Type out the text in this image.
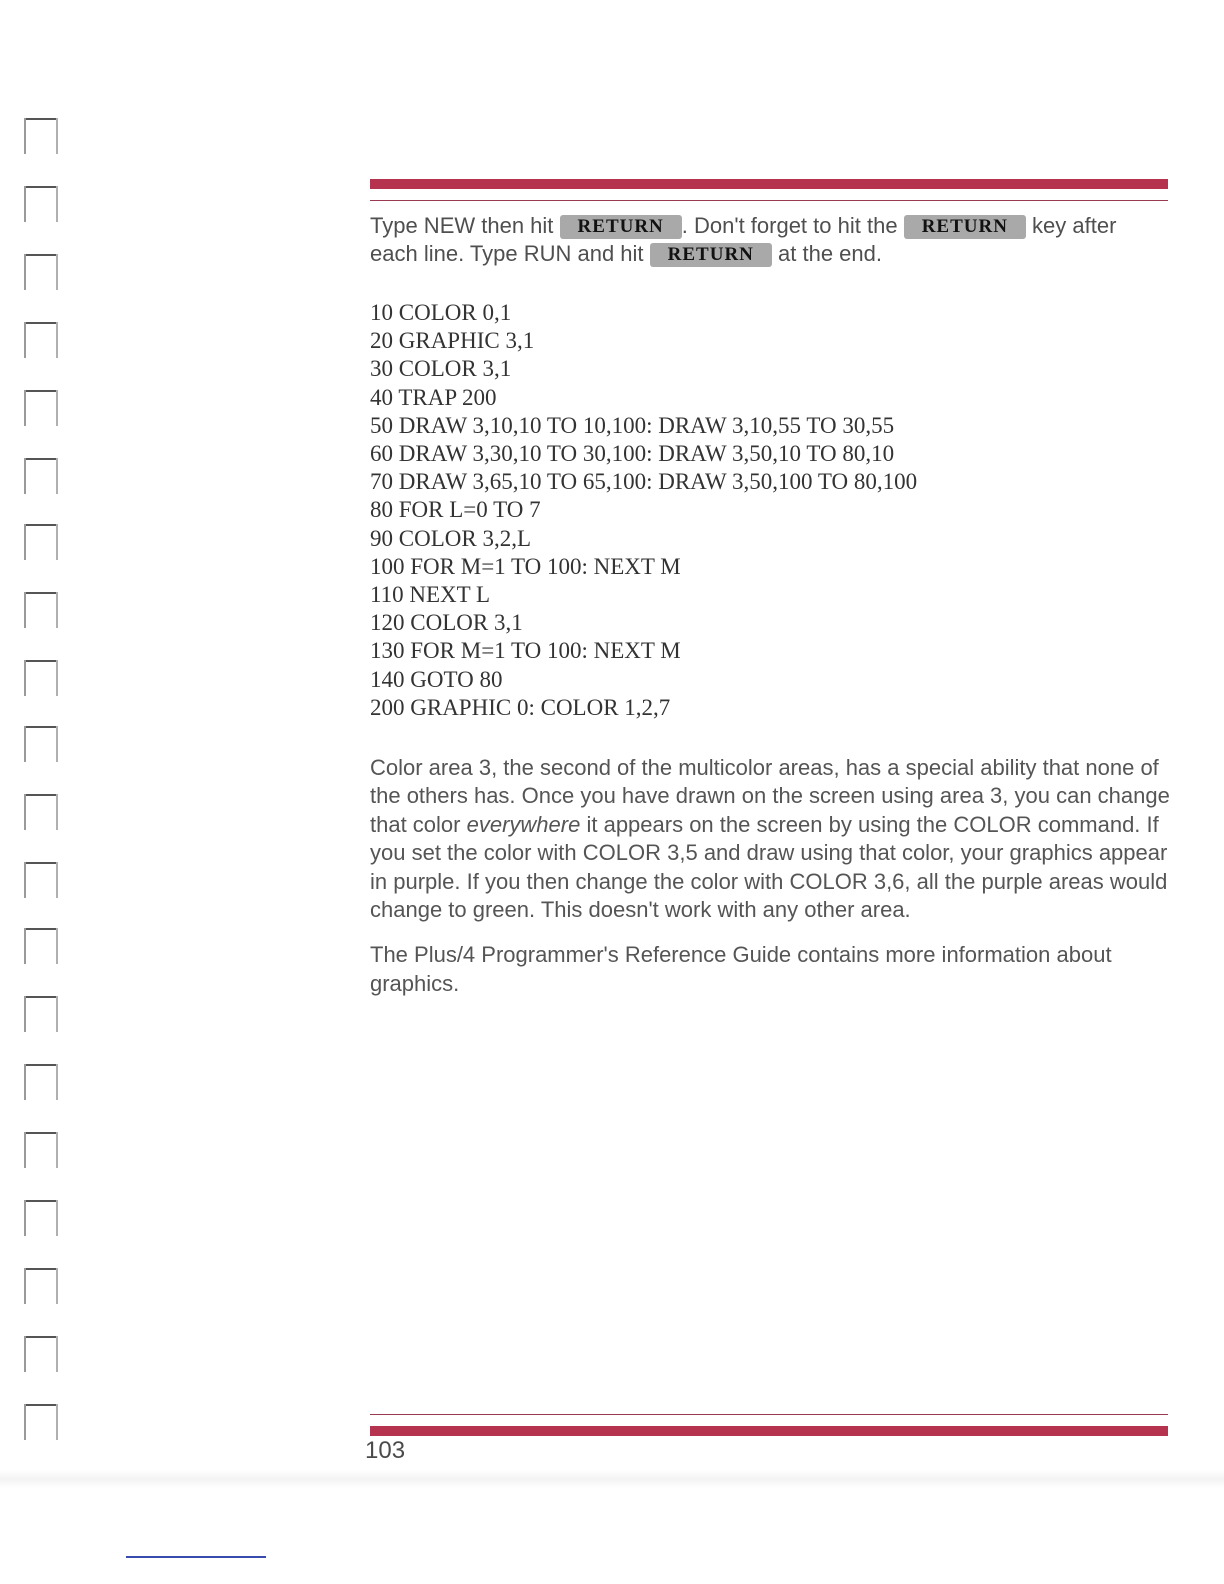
Type NEW then hit RETURN . Don't forget to hit the RETURN key after each line. Type RUN and hit RETURN at the end.

10 COLOR 0,1
20 GRAPHIC 3,1
30 COLOR 3,1
40 TRAP 200
50 DRAW 3,10,10 TO 10,100: DRAW 3,10,55 TO 30,55
60 DRAW 3,30,10 TO 30,100: DRAW 3,50,10 TO 80,10
70 DRAW 3,65,10 TO 65,100: DRAW 3,50,100 TO 80,100
80 FOR L=0 TO 7
90 COLOR 3,2,L
100 FOR M=1 TO 100: NEXT M
110 NEXT L
120 COLOR 3,1
130 FOR M=1 TO 100: NEXT M
140 GOTO 80
200 GRAPHIC 0: COLOR 1,2,7

Color area 3, the second of the multicolor areas, has a special ability that none of the others has. Once you have drawn on the screen using area 3, you can change that color everywhere it appears on the screen by using the COLOR command. If you set the color with COLOR 3,5 and draw using that color, your graphics appear in purple. If you then change the color with COLOR 3,6, all the purple areas would change to green. This doesn't work with any other area.

The Plus/4 Programmer's Reference Guide contains more information about graphics.

103
